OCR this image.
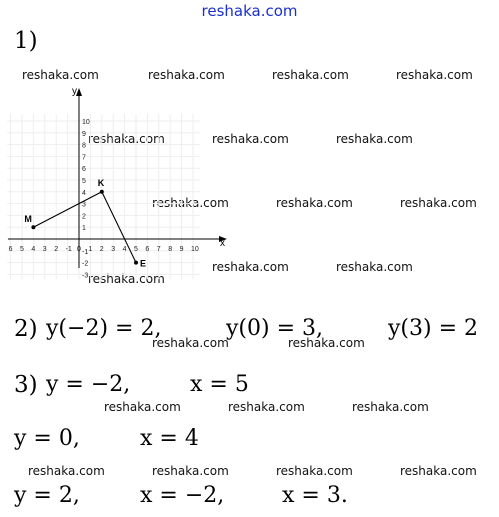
reshaka.com
1)
reshaka.com	reshaka.com	reshaka.com	reshaka.com
reshaka.com	reshaka.com	reshaka.com
reshaka.com	reshaka.com	reshaka.com
reshaka.com	reshaka.com
reshaka.com
reshaka.com	reshaka.com
reshaka.com	reshaka.com	reshaka.com
reshaka.com	reshaka.com	reshaka.com	reshaka.com
x
y
6 5 4 3 2 -1 0 1 2 3 4 5 6 7 8 9 10
10
9
8
7
6
5
4
3
2
1
-1
-2
-3
M
K
E
2) y(−2) = 2,	y(0) = 3,	y(3) = 2
3) y = −2,	x = 5
y = 0,	x = 4
y = 2,	x = −2,	x = 3.
